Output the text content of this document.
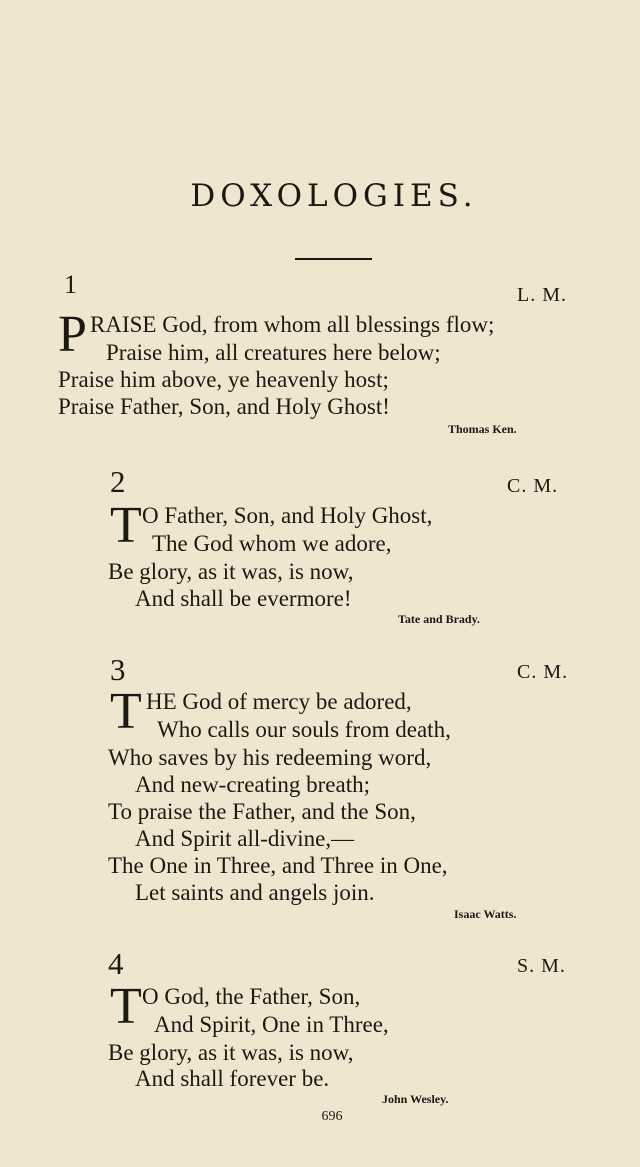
DOXOLOGIES.
1	L. M.
P RAISE God, from whom all blessings flow;
Praise him, all creatures here below;
Praise him above, ye heavenly host;
Praise Father, Son, and Holy Ghost!
Thomas Ken.
2	C. M.
T O Father, Son, and Holy Ghost,
The God whom we adore,
Be glory, as it was, is now,
And shall be evermore!
Tate and Brady.
3	C. M.
T HE God of mercy be adored,
Who calls our souls from death,
Who saves by his redeeming word,
And new-creating breath;
To praise the Father, and the Son,
And Spirit all-divine,—
The One in Three, and Three in One,
Let saints and angels join.
Isaac Watts.
4	S. M.
T O God, the Father, Son,
And Spirit, One in Three,
Be glory, as it was, is now,
And shall forever be.
John Wesley.
696
